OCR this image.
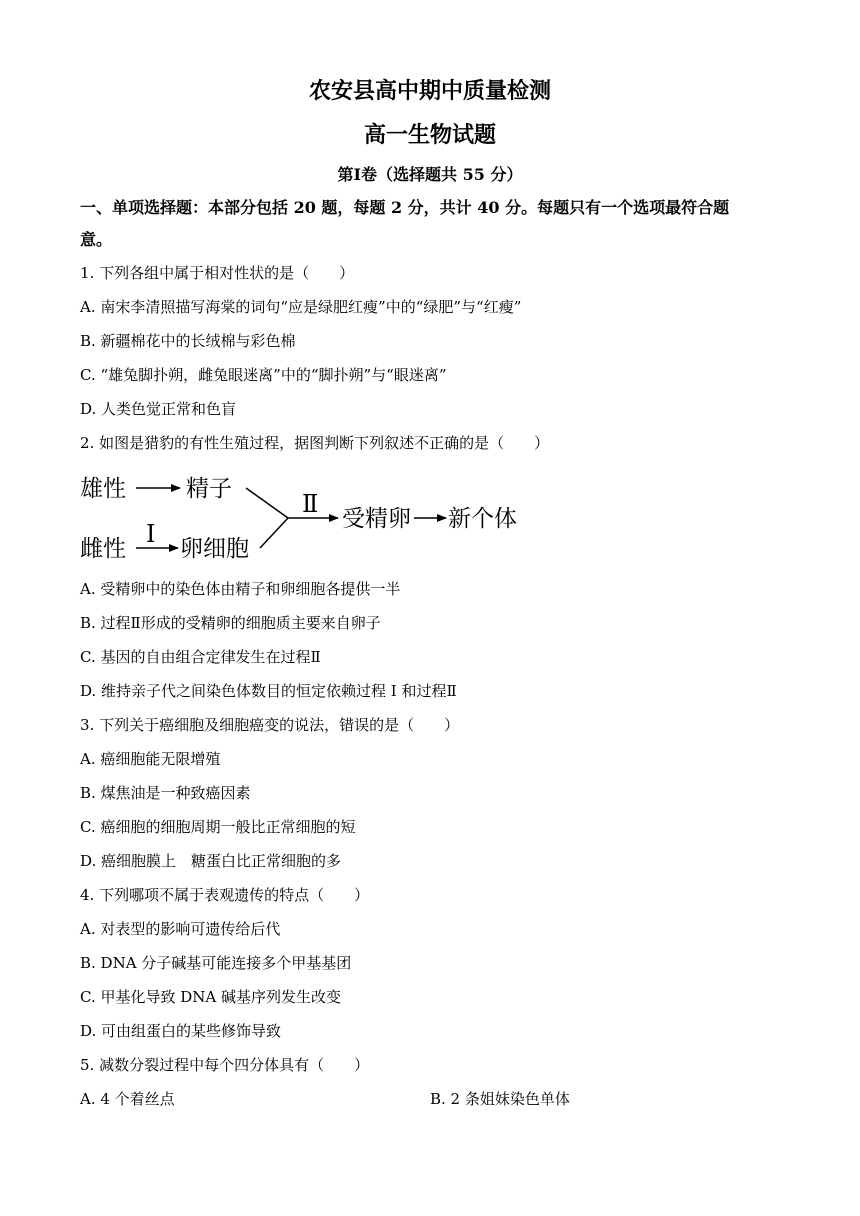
农安县高中期中质量检测
高一生物试题
第Ⅰ卷（选择题共 55 分）
一、单项选择题：本部分包括 20 题，每题 2 分，共计 40 分。每题只有一个选项最符合题
意。
1. 下列各组中属于相对性状的是（　　）
A. 南宋李清照描写海棠的词句“应是绿肥红瘦”中的“绿肥”与“红瘦”
B. 新疆棉花中的长绒棉与彩色棉
C. “雄兔脚扑朔，雌兔眼迷离”中的“脚扑朔”与“眼迷离”
D. 人类色觉正常和色盲
2. 如图是猎豹的有性生殖过程，据图判断下列叙述不正确的是（　　）
雄性	精子
雌性
I
卵细胞
Ⅱ
受精卵 新个体
A. 受精卵中的染色体由精子和卵细胞各提供一半
B. 过程Ⅱ形成的受精卵的细胞质主要来自卵子
C. 基因的自由组合定律发生在过程Ⅱ
D. 维持亲子代之间染色体数目的恒定依赖过程 I 和过程Ⅱ
3. 下列关于癌细胞及细胞癌变的说法，错误的是（　　）
A. 癌细胞能无限增殖
B. 煤焦油是一种致癌因素
C. 癌细胞的细胞周期一般比正常细胞的短
D. 癌细胞膜上　糖蛋白比正常细胞的多
4. 下列哪项不属于表观遗传的特点（　　）
A. 对表型的影响可遗传给后代
B. DNA 分子碱基可能连接多个甲基基团
C. 甲基化导致 DNA 碱基序列发生改变
D. 可由组蛋白的某些修饰导致
5. 减数分裂过程中每个四分体具有（　　）
A. 4 个着丝点	B. 2 条姐妹染色单体
